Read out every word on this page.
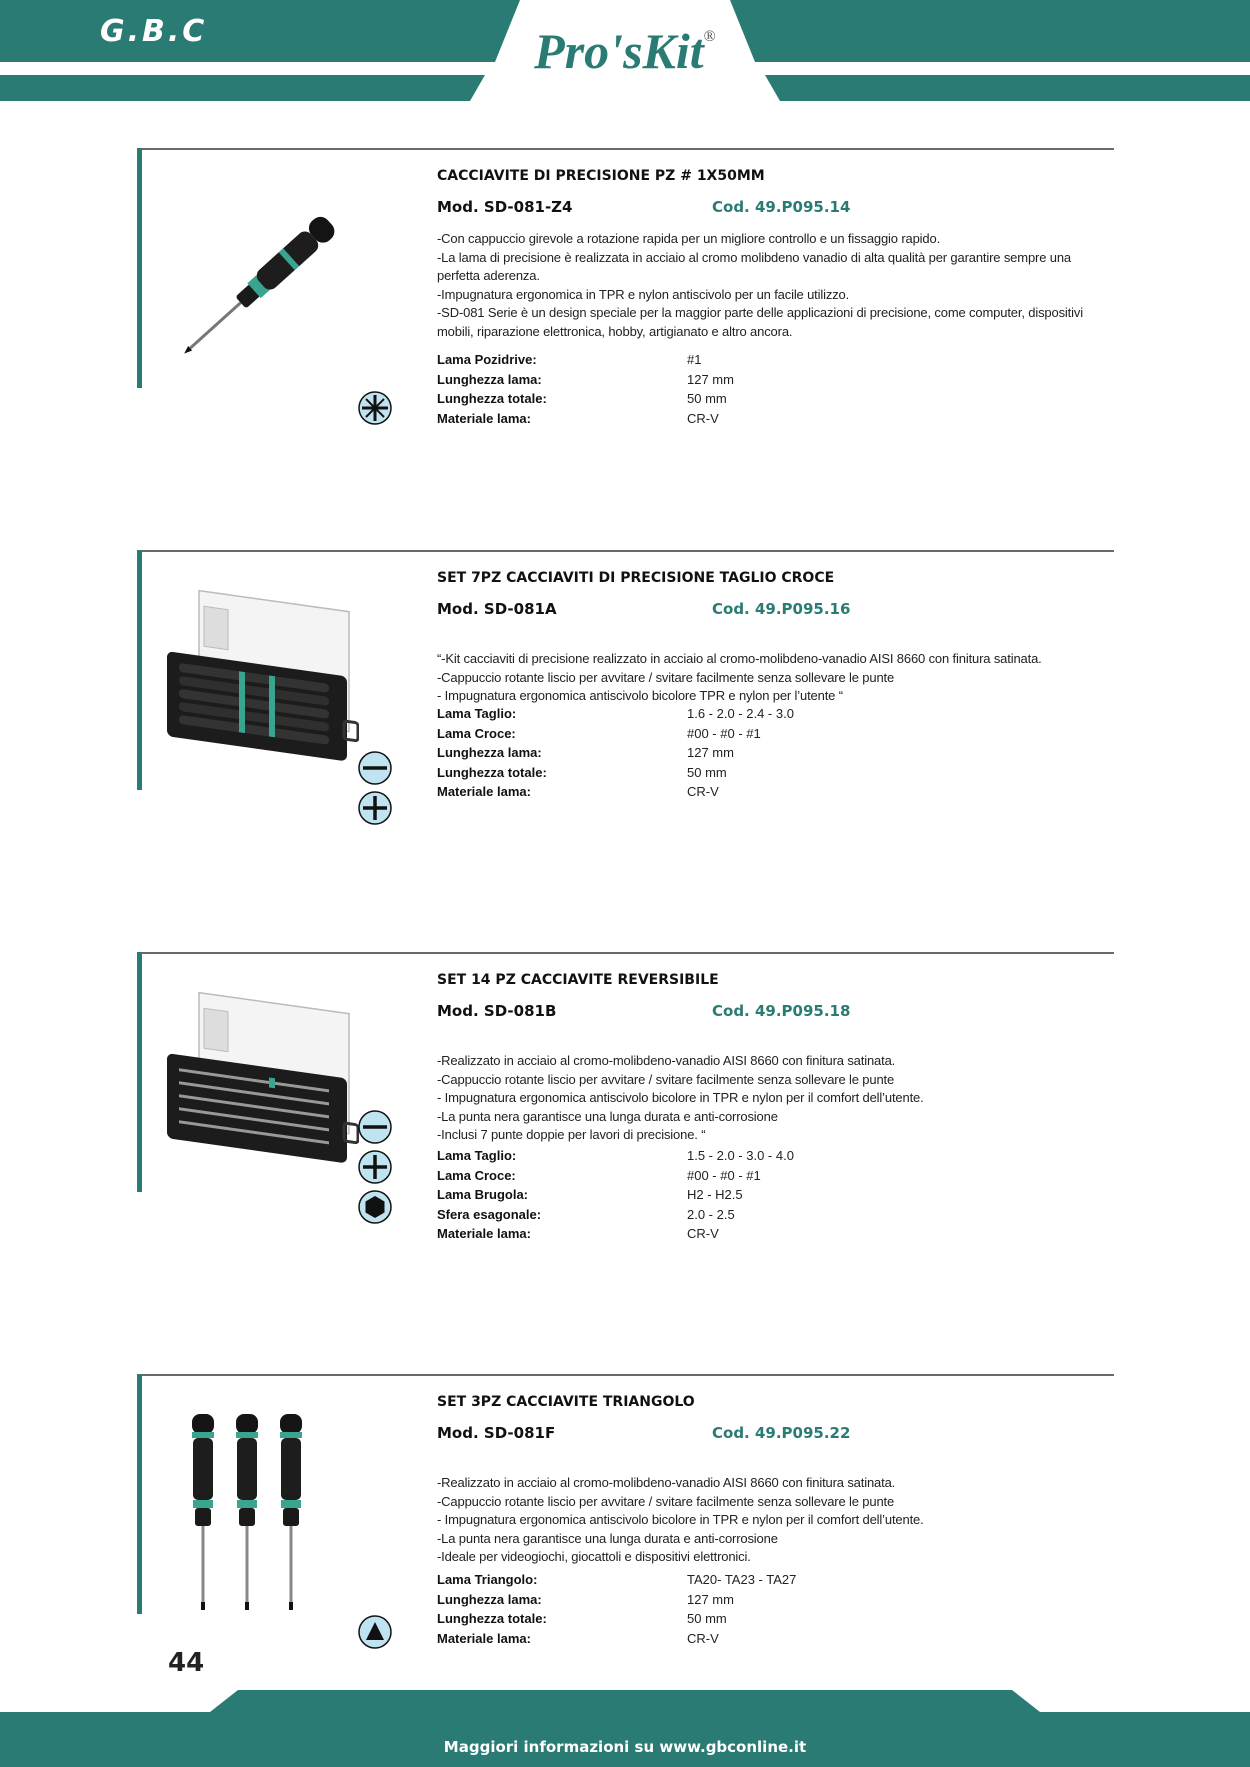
G.B.C	Pro'sKit®
CACCIAVITE DI PRECISIONE PZ # 1X50MM
Mod. SD-081-Z4	Cod. 49.P095.14

-Con cappuccio girevole a rotazione rapida per un migliore controllo e un fissaggio rapido.

-La lama di precisione è realizzata in acciaio al cromo molibdeno vanadio di alta qualità per garantire sempre una perfetta aderenza.

-Impugnatura ergonomica in TPR e nylon antiscivolo per un facile utilizzo.

-SD-081 Serie è un design speciale per la maggior parte delle applicazioni di precisione, come computer, dispositivi mobili, riparazione elettronica, hobby, artigianato e altro ancora.

Lama Pozidrive:	#1
Lunghezza lama:	127 mm
Lunghezza totale:	50 mm
Materiale lama:	CR-V
SET 7PZ CACCIAVITI DI PRECISIONE TAGLIO CROCE
Mod. SD-081A	Cod. 49.P095.16

“-Kit cacciaviti di precisione realizzato in acciaio al cromo-molibdeno-vanadio AISI 8660 con finitura satinata.

-Cappuccio rotante liscio per avvitare / svitare facilmente senza sollevare le punte

- Impugnatura ergonomica antiscivolo bicolore TPR e nylon per l’utente “

Lama Taglio:	1.6 - 2.0 - 2.4 - 3.0
Lama Croce:	#00 - #0 - #1
Lunghezza lama:	127 mm
Lunghezza totale:	50 mm
Materiale lama:	CR-V
SET 14 PZ CACCIAVITE REVERSIBILE
Mod. SD-081B	Cod. 49.P095.18

-Realizzato in acciaio al cromo-molibdeno-vanadio AISI 8660 con finitura satinata.

-Cappuccio rotante liscio per avvitare / svitare facilmente senza sollevare le punte

- Impugnatura ergonomica antiscivolo bicolore in TPR e nylon per il comfort dell’utente.

-La punta nera garantisce una lunga durata e anti-corrosione

-Inclusi 7 punte doppie per lavori di precisione. “

Lama Taglio:	1.5 - 2.0 - 3.0 - 4.0
Lama Croce:	#00 - #0 - #1
Lama Brugola:	H2 - H2.5
Sfera esagonale:	2.0 - 2.5
Materiale lama:	CR-V
SET 3PZ CACCIAVITE TRIANGOLO
Mod. SD-081F	Cod. 49.P095.22

-Realizzato in acciaio al cromo-molibdeno-vanadio AISI 8660 con finitura satinata.

-Cappuccio rotante liscio per avvitare / svitare facilmente senza sollevare le punte

- Impugnatura ergonomica antiscivolo bicolore in TPR e nylon per il comfort dell’utente.

-La punta nera garantisce una lunga durata e anti-corrosione

-Ideale per videogiochi, giocattoli e dispositivi elettronici.

Lama Triangolo:	TA20- TA23 - TA27
Lunghezza lama:	127 mm
Lunghezza totale:	50 mm
Materiale lama:	CR-V
44
Maggiori informazioni su www.gbconline.it
